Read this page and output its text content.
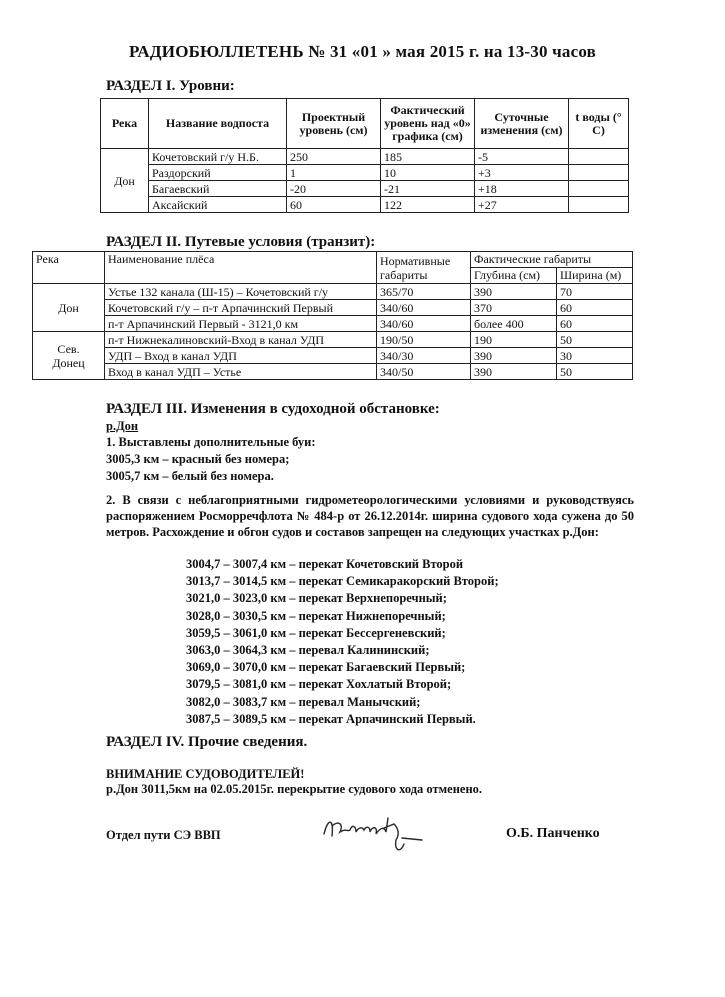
РАДИОБЮЛЛЕТЕНЬ № 31 «01 » мая 2015 г. на 13-30 часов
РАЗДЕЛ I. Уровни:
Река	Название водпоста	Проектный уровень (см)	Фактический уровень над «0» графика (см)	Суточные изменения (см)	t воды (° C)
Дон	Кочетовский г/у Н.Б.	250	185	-5	
	Раздорский	1	10	+3	
	Багаевский	-20	-21	+18	
	Аксайский	60	122	+27	
РАЗДЕЛ II. Путевые условия (транзит):
Река	Наименование плёса	Нормативные габариты	Фактические габариты	
			Глубина (см)	Ширина (м)
Дон	Устье 132 канала (Ш-15) – Кочетовский г/у	365/70	390	70
	Кочетовский г/у – п-т Арпачинский Первый	340/60	370	60
	п-т Арпачинский Первый - 3121,0 км	340/60	более 400	60
Сев.
Донец	п-т Нижнекалиновский-Вход в канал УДП	190/50	190	50
	УДП – Вход в канал УДП	340/30	390	30
	Вход в канал УДП – Устье	340/50	390	50
РАЗДЕЛ III. Изменения в судоходной обстановке:
р.Дон
1. Выставлены дополнительные буи:
3005,3 км – красный без номера;
3005,7 км – белый без номера.
2. В связи с неблагоприятными гидрометеорологическими условиями и руководствуясь распоряжением Росморречфлота № 484-р от 26.12.2014г. ширина судового хода сужена до 50 метров. Расхождение и обгон судов и составов запрещен на следующих участках р.Дон:
3004,7 – 3007,4 км – перекат Кочетовский Второй
3013,7 – 3014,5 км – перекат Семикаракорский Второй;
3021,0 – 3023,0 км – перекат Верхнепоречный;
3028,0 – 3030,5 км – перекат Нижнепоречный;
3059,5 – 3061,0 км – перекат Бессергеневский;
3063,0 – 3064,3 км – перевал Калининский;
3069,0 – 3070,0 км – перекат Багаевский Первый;
3079,5 – 3081,0 км – перекат Хохлатый Второй;
3082,0 – 3083,7 км – перевал Манычский;
3087,5 – 3089,5 км – перекат Арпачинский Первый.
РАЗДЕЛ IV. Прочие сведения.
ВНИМАНИЕ СУДОВОДИТЕЛЕЙ!
р.Дон 3011,5км на 02.05.2015г. перекрытие судового хода отменено.
Отдел пути СЭ ВВП	О.Б. Панченко
